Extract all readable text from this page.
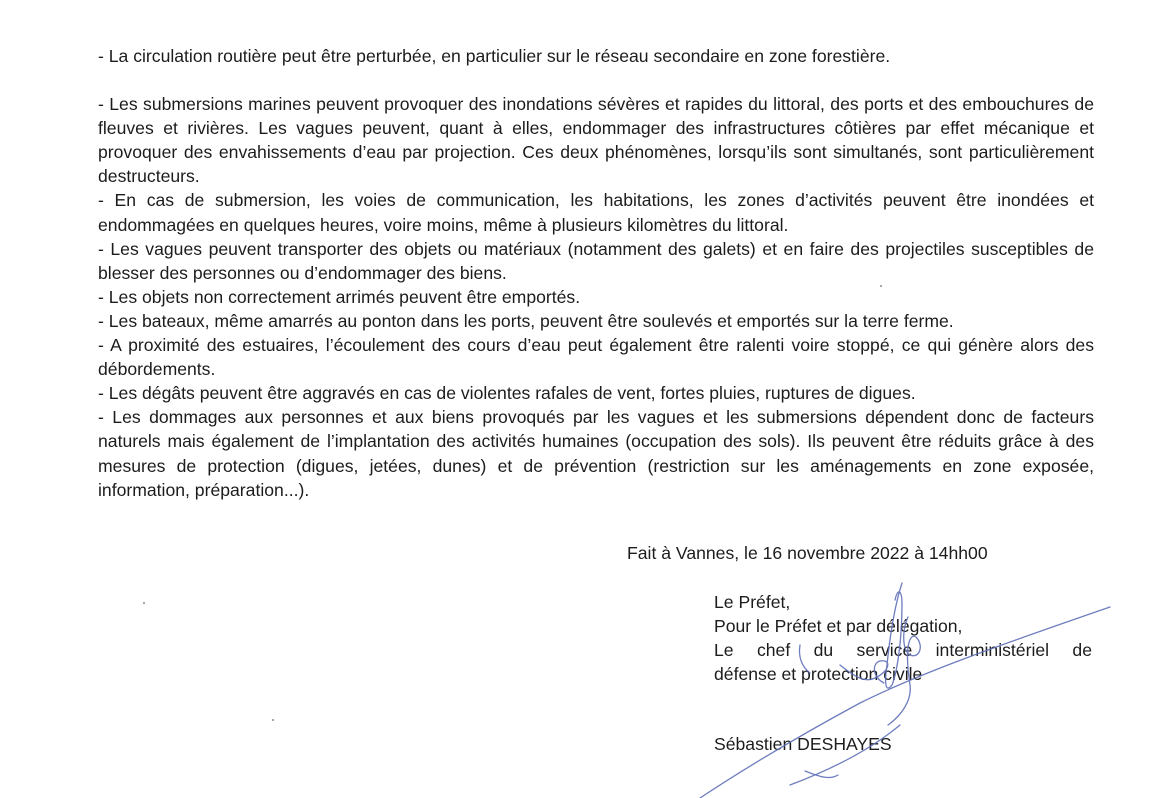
- La circulation routière peut être perturbée, en particulier sur le réseau secondaire en zone forestière.

- Les submersions marines peuvent provoquer des inondations sévères et rapides du littoral, des ports et des embouchures de fleuves et rivières. Les vagues peuvent, quant à elles, endommager des infrastructures côtières par effet mécanique et provoquer des envahissements d’eau par projection. Ces deux phénomènes, lorsqu’ils sont simultanés, sont particulièrement destructeurs.

- En cas de submersion, les voies de communication, les habitations, les zones d’activités peuvent être inondées et endommagées en quelques heures, voire moins, même à plusieurs kilomètres du littoral.

- Les vagues peuvent transporter des objets ou matériaux (notamment des galets) et en faire des projectiles susceptibles de blesser des personnes ou d’endommager des biens.

- Les objets non correctement arrimés peuvent être emportés.

- Les bateaux, même amarrés au ponton dans les ports, peuvent être soulevés et emportés sur la terre ferme.

- A proximité des estuaires, l’écoulement des cours d’eau peut également être ralenti voire stoppé, ce qui génère alors des débordements.

- Les dégâts peuvent être aggravés en cas de violentes rafales de vent, fortes pluies, ruptures de digues.

- Les dommages aux personnes et aux biens provoqués par les vagues et les submersions dépendent donc de facteurs naturels mais également de l’implantation des activités humaines (occupation des sols). Ils peuvent être réduits grâce à des mesures de protection (digues, jetées, dunes) et de prévention (restriction sur les aménagements en zone exposée, information, préparation...).

Fait à Vannes, le 16 novembre 2022 à 14hh00

Le Préfet,

Pour le Préfet et par délégation,

Le chef du service interministériel de

défense et protection civile

Sébastien DESHAYES
